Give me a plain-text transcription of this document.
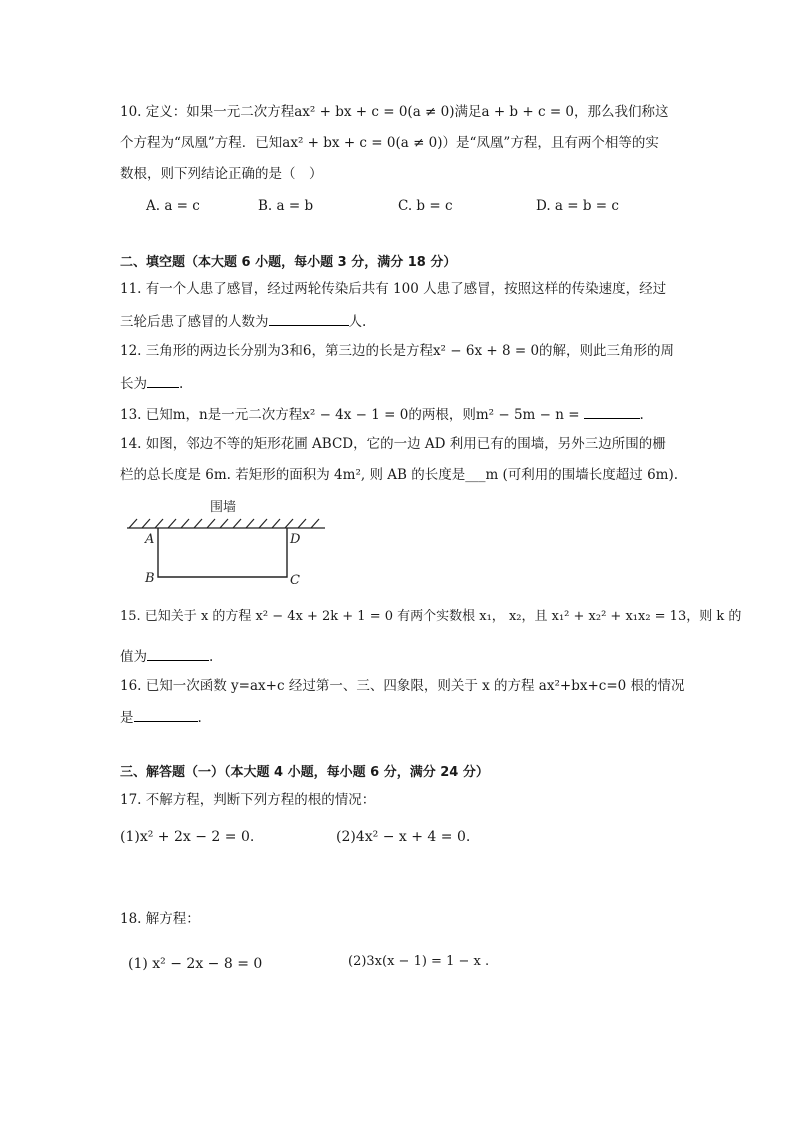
10. 定义：如果一元二次方程ax² + bx + c = 0(a ≠ 0)满足a + b + c = 0，那么我们称这
个方程为“凤凰”方程．已知ax² + bx + c = 0(a ≠ 0)）是“凤凰”方程，且有两个相等的实
数根，则下列结论正确的是（　）
A. a = c	B. a = b	C. b = c	D. a = b = c
二、填空题（本大题 6 小题，每小题 3 分，满分 18 分）
11. 有一个人患了感冒，经过两轮传染后共有 100 人患了感冒，按照这样的传染速度，经过
三轮后患了感冒的人数为	人.
12. 三角形的两边长分别为3和6，第三边的长是方程x² − 6x + 8 = 0的解，则此三角形的周
长为 .
13. 已知m，n是一元二次方程x² − 4x − 1 = 0的两根，则m² − 5m − n =	.
14. 如图，邻边不等的矩形花圃 ABCD，它的一边 AD 利用已有的围墙，另外三边所围的栅
栏的总长度是 6m. 若矩形的面积为 4m², 则 AB 的长度是___m (可利用的围墙长度超过 6m).
围墙
A	D
B	C
15. 已知关于 x 的方程 x² − 4x + 2k + 1 = 0 有两个实数根 x₁， x₂，且 x₁² + x₂² + x₁x₂ = 13，则 k 的
值为	.
16. 已知一次函数 y=ax+c 经过第一、三、四象限，则关于 x 的方程 ax²+bx+c=0 根的情况
是	.
三、解答题（一）（本大题 4 小题，每小题 6 分，满分 24 分）
17. 不解方程，判断下列方程的根的情况：
(1)x² + 2x − 2 = 0.	(2)4x² − x + 4 = 0.
18. 解方程：
(1) x² − 2x − 8 = 0	(2)3x(x − 1) = 1 − x .
